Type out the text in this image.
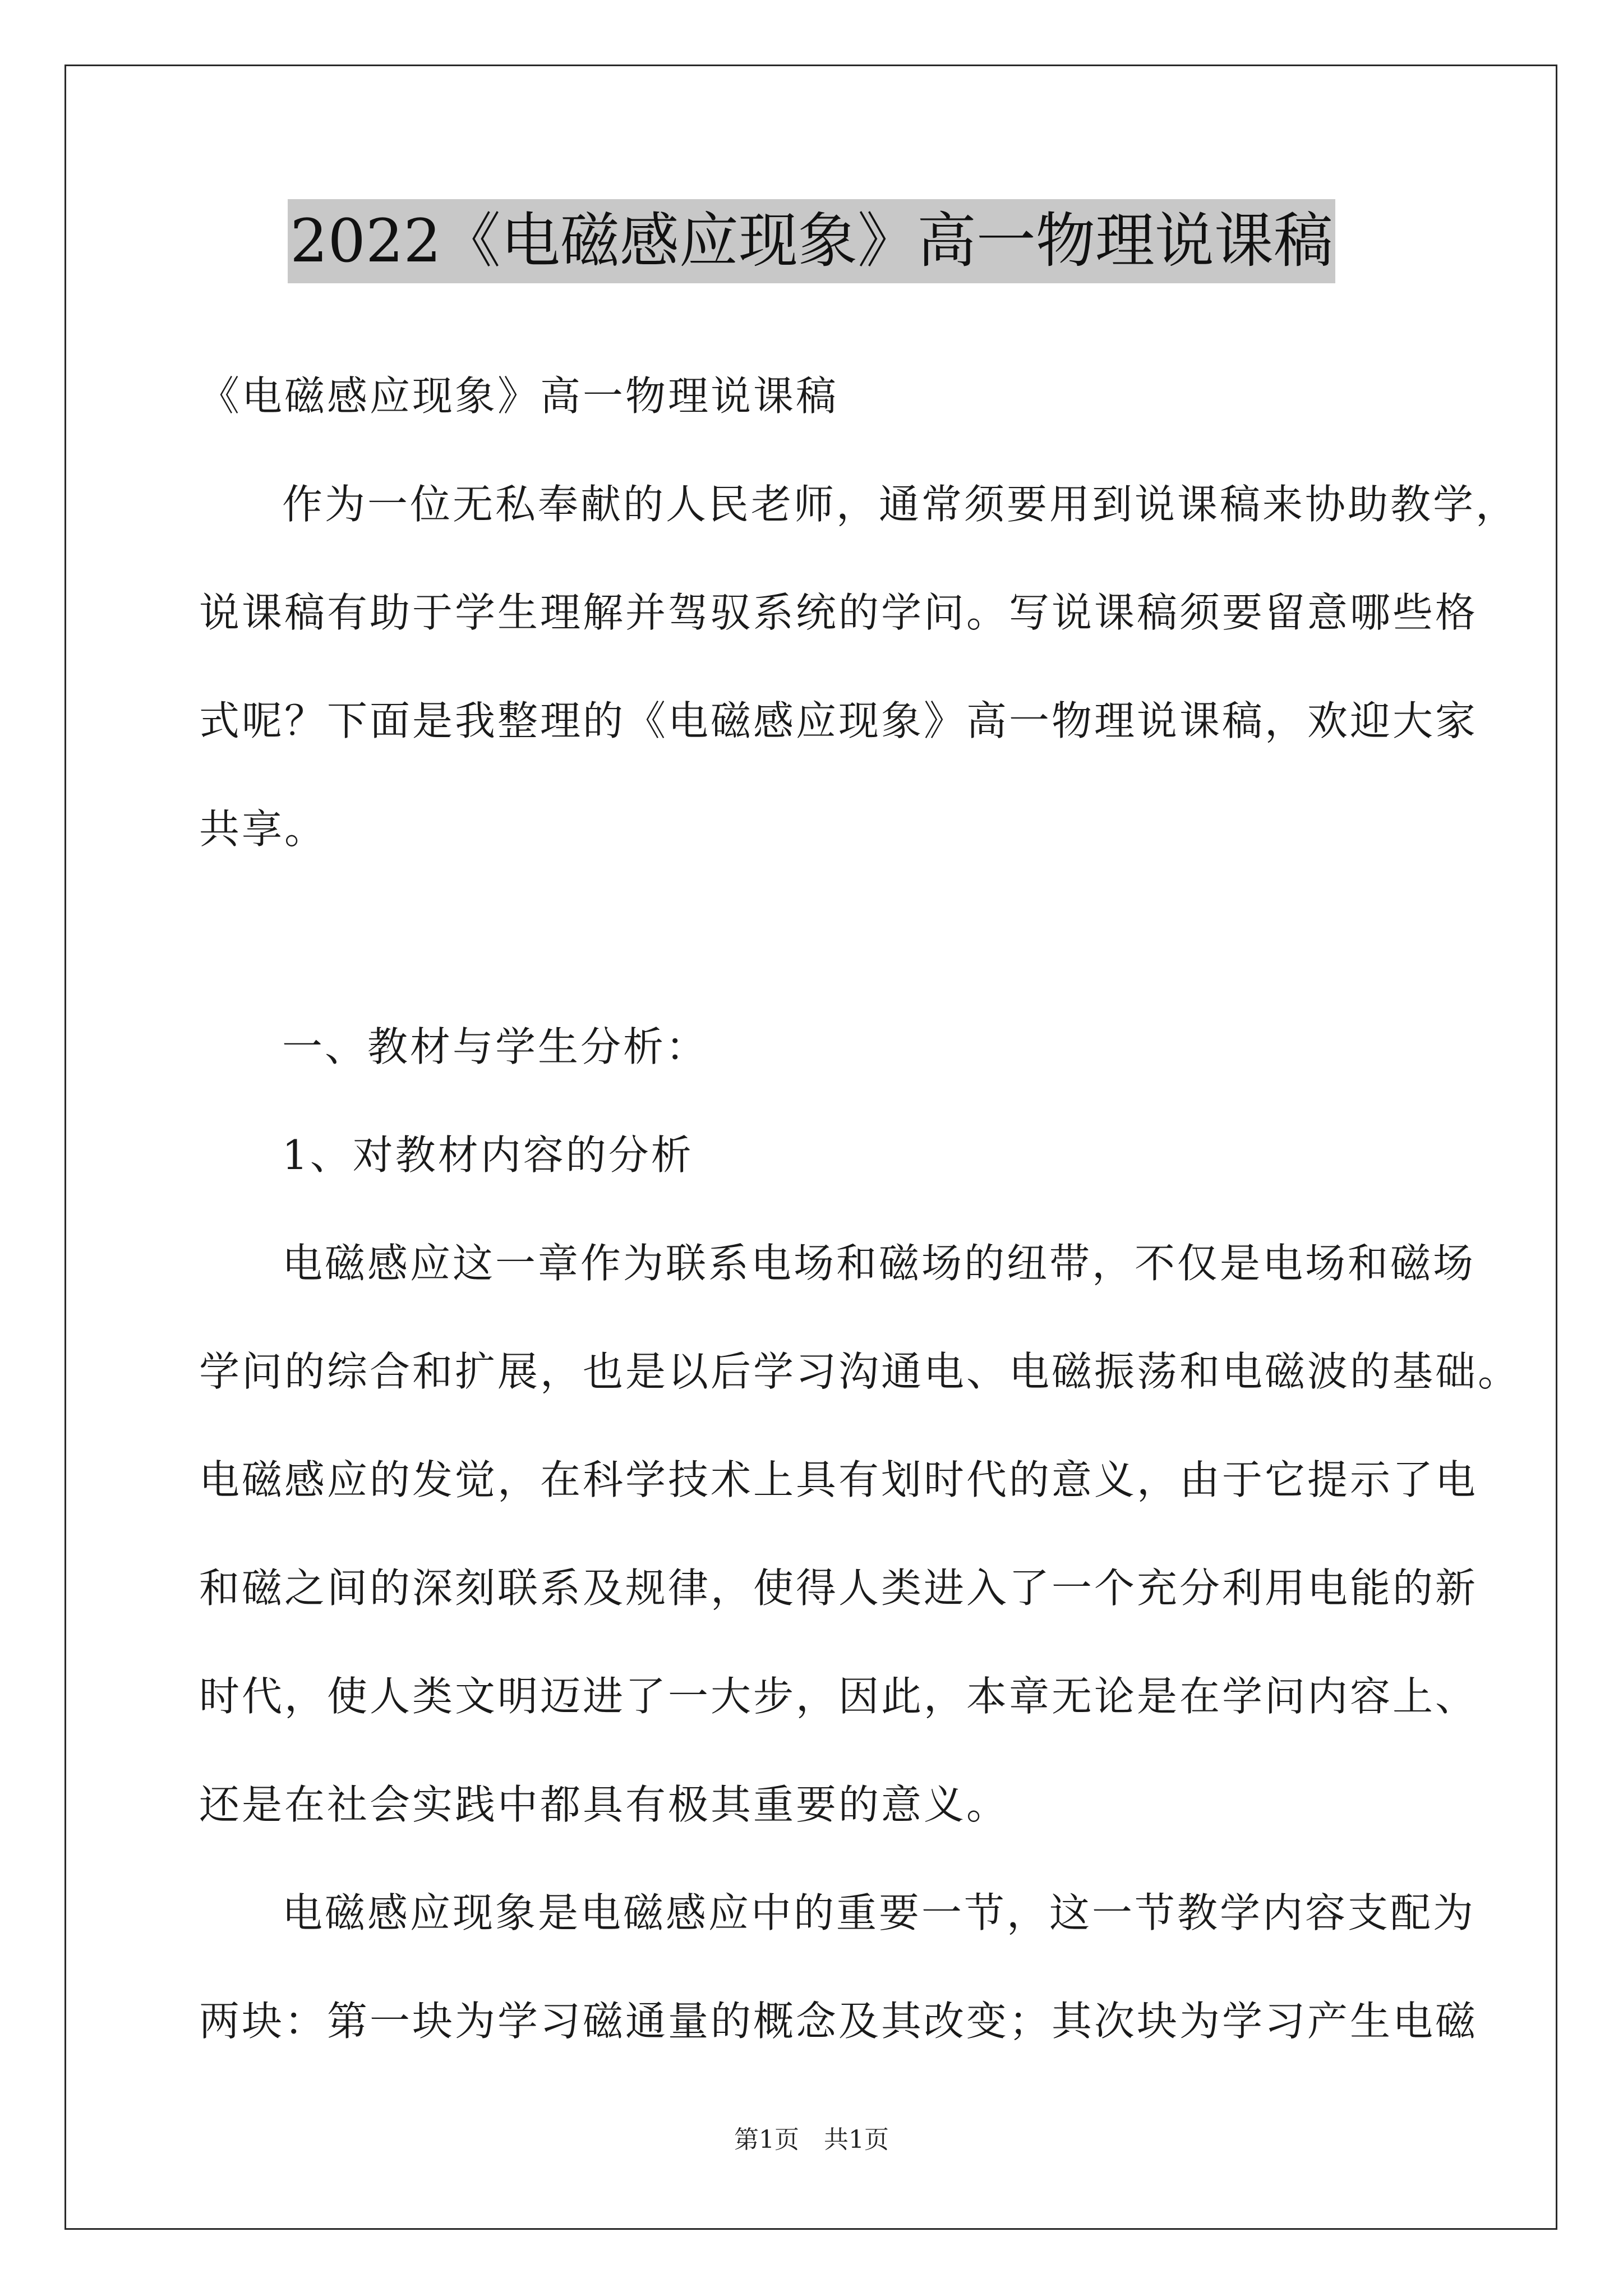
2022《电磁感应现象》高一物理说课稿

《电磁感应现象》高一物理说课稿

作为一位无私奉献的人民老师，通常须要用到说课稿来协助教学，

说课稿有助于学生理解并驾驭系统的学问。写说课稿须要留意哪些格

式呢？下面是我整理的《电磁感应现象》高一物理说课稿，欢迎大家

共享。

一、教材与学生分析：

1、对教材内容的分析

电磁感应这一章作为联系电场和磁场的纽带，不仅是电场和磁场

学问的综合和扩展，也是以后学习沟通电、电磁振荡和电磁波的基础。

电磁感应的发觉，在科学技术上具有划时代的意义，由于它提示了电

和磁之间的深刻联系及规律，使得人类进入了一个充分利用电能的新

时代，使人类文明迈进了一大步，因此，本章无论是在学问内容上、

还是在社会实践中都具有极其重要的意义。

电磁感应现象是电磁感应中的重要一节，这一节教学内容支配为

两块：第一块为学习磁通量的概念及其改变；其次块为学习产生电磁

第1页　共1页
